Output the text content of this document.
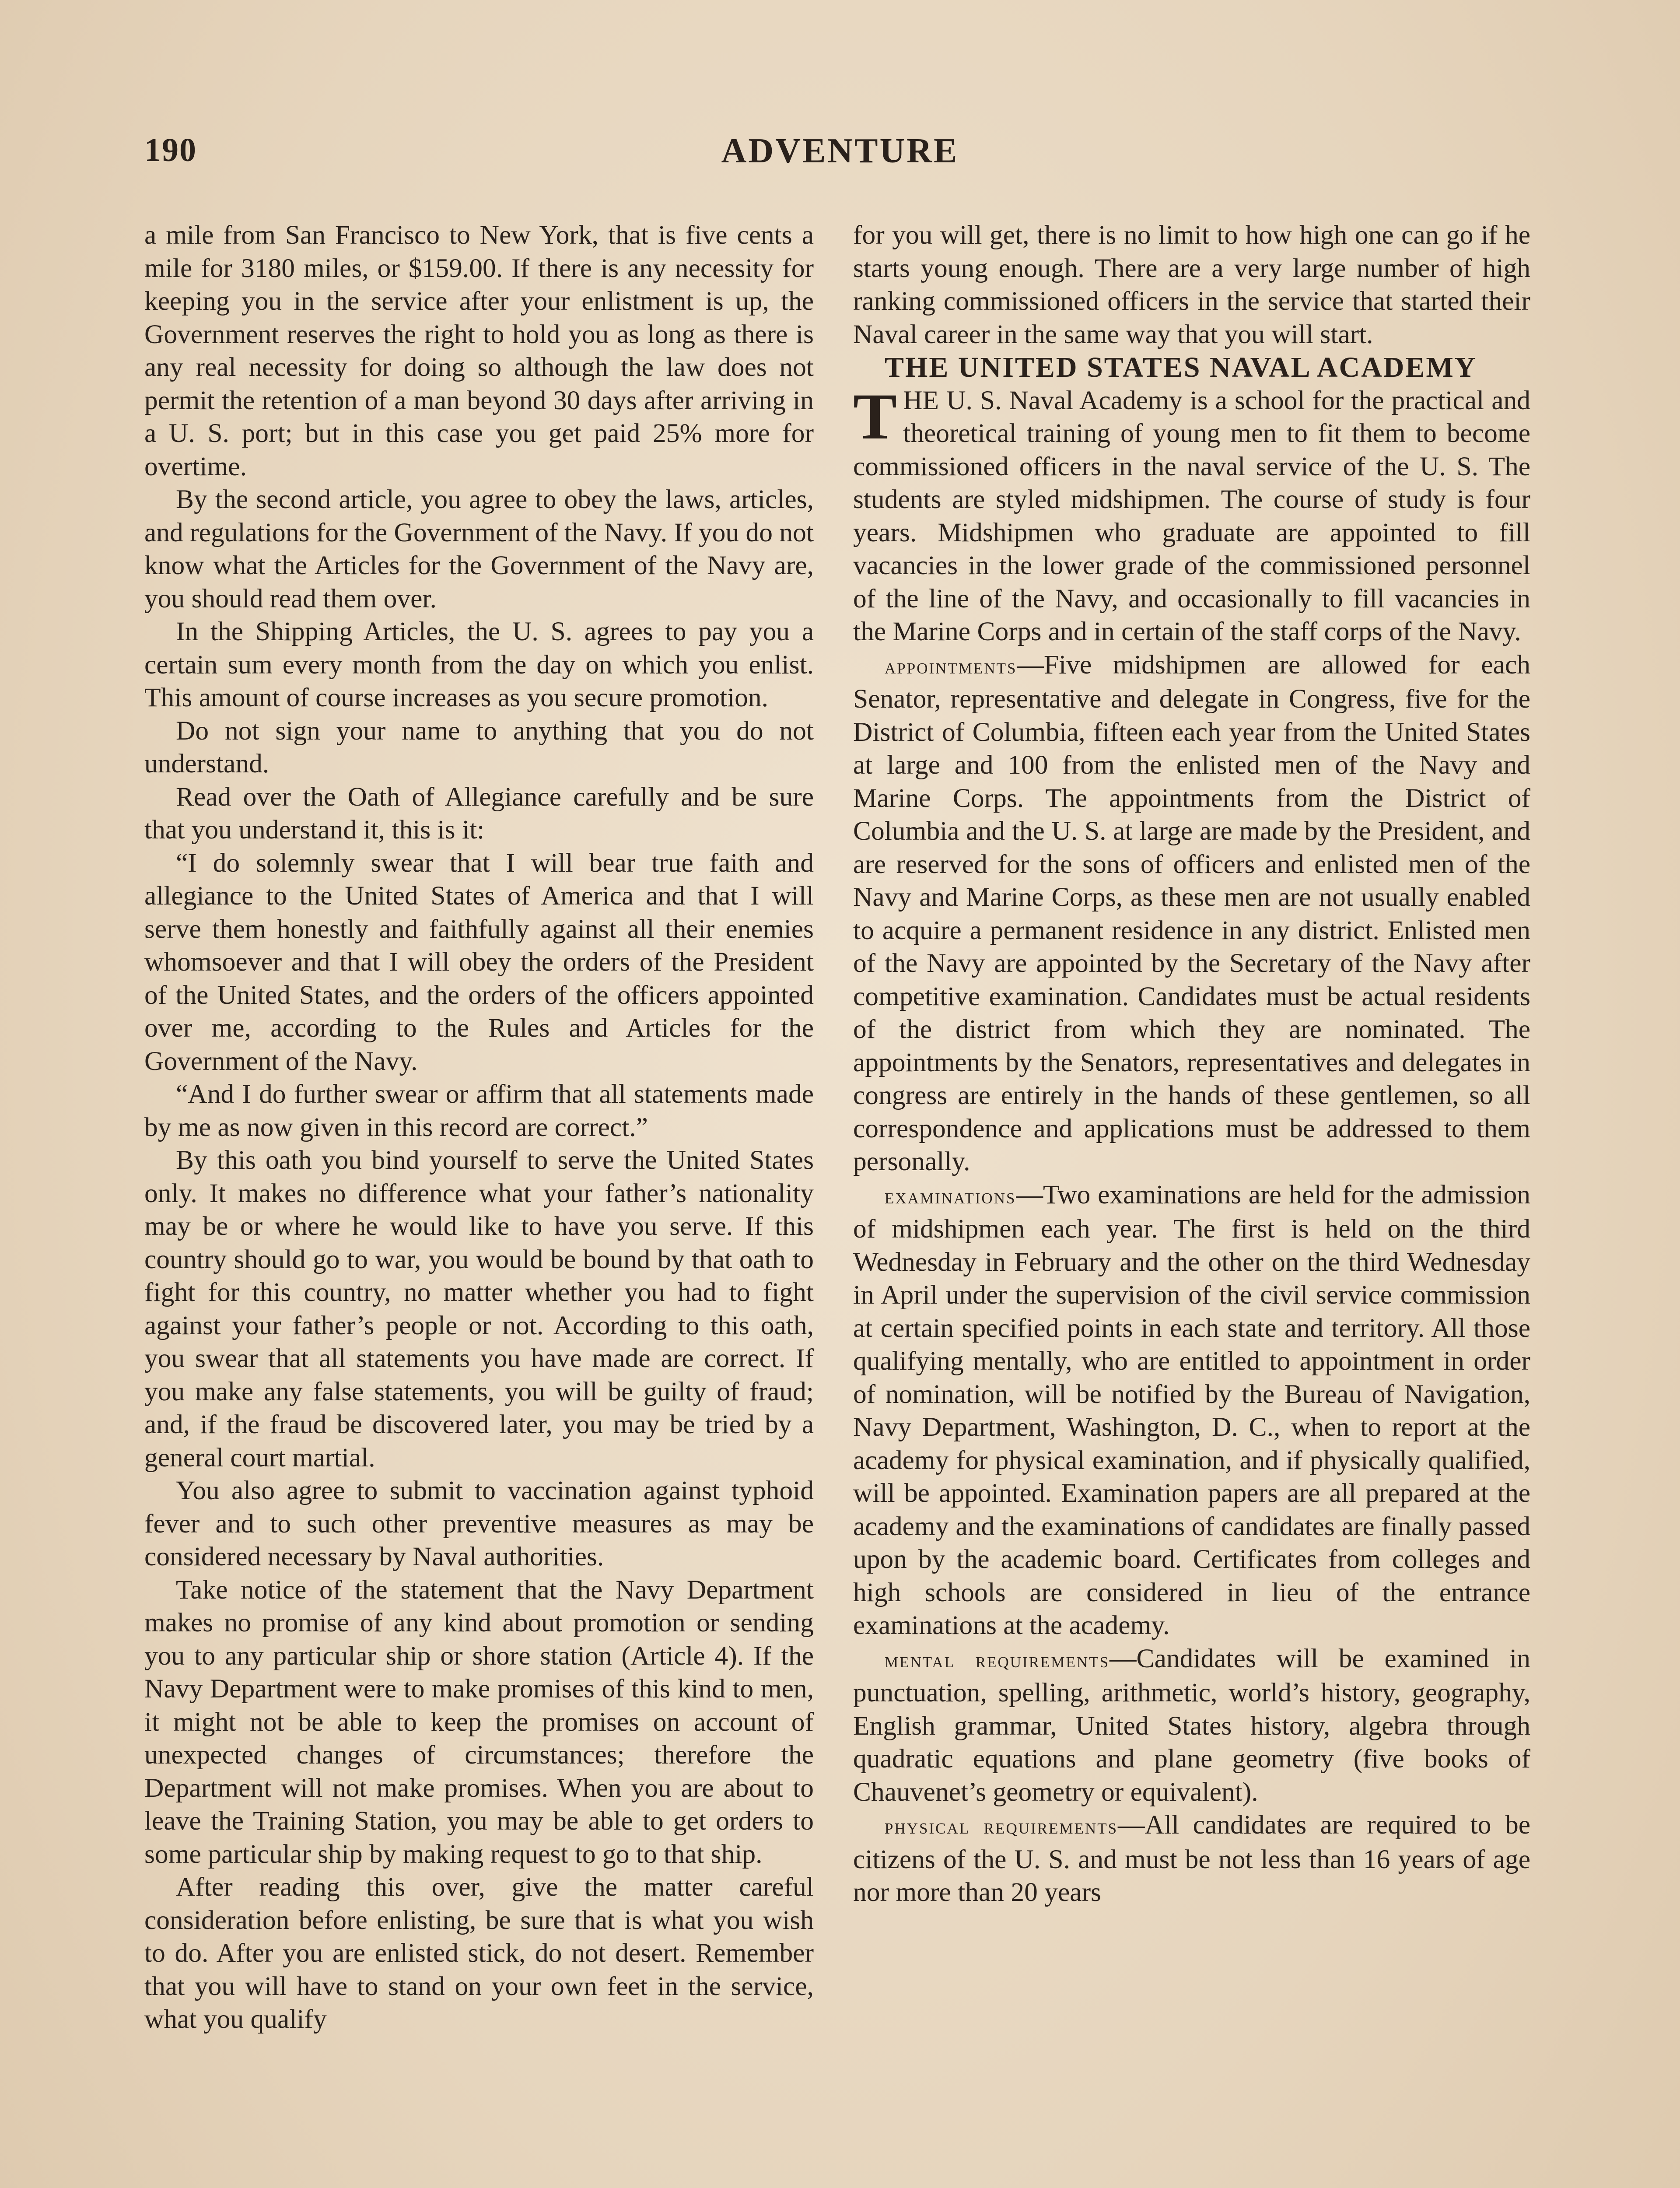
190	ADVENTURE

a mile from San Francisco to New York, that is five cents a mile for 3180 miles, or $159.00. If there is any necessity for keeping you in the service after your enlistment is up, the Government reserves the right to hold you as long as there is any real necessity for doing so although the law does not permit the retention of a man beyond 30 days after arriving in a U. S. port; but in this case you get paid 25% more for overtime.

By the second article, you agree to obey the laws, articles, and regulations for the Government of the Navy. If you do not know what the Articles for the Government of the Navy are, you should read them over.

In the Shipping Articles, the U. S. agrees to pay you a certain sum every month from the day on which you enlist. This amount of course increases as you secure promotion.

Do not sign your name to anything that you do not understand.

Read over the Oath of Allegiance carefully and be sure that you understand it, this is it:

“I do solemnly swear that I will bear true faith and allegiance to the United States of America and that I will serve them honestly and faithfully against all their enemies whomsoever and that I will obey the orders of the President of the United States, and the orders of the officers appointed over me, according to the Rules and Articles for the Government of the Navy.

“And I do further swear or affirm that all statements made by me as now given in this record are correct.”

By this oath you bind yourself to serve the United States only. It makes no difference what your father’s nationality may be or where he would like to have you serve. If this country should go to war, you would be bound by that oath to fight for this country, no matter whether you had to fight against your father’s people or not. According to this oath, you swear that all statements you have made are correct. If you make any false statements, you will be guilty of fraud; and, if the fraud be discovered later, you may be tried by a general court martial.

You also agree to submit to vaccination against typhoid fever and to such other preventive measures as may be considered necessary by Naval authorities.

Take notice of the statement that the Navy Department makes no promise of any kind about promotion or sending you to any particular ship or shore station (Article 4). If the Navy Department were to make promises of this kind to men, it might not be able to keep the promises on account of unexpected changes of circumstances; therefore the Department will not make promises. When you are about to leave the Training Station, you may be able to get orders to some particular ship by making request to go to that ship.

After reading this over, give the matter careful consideration before enlisting, be sure that is what you wish to do. After you are enlisted stick, do not desert. Remember that you will have to stand on your own feet in the service, what you qualify

for you will get, there is no limit to how high one can go if he starts young enough. There are a very large number of high ranking commissioned officers in the service that started their Naval career in the same way that you will start.

THE UNITED STATES NAVAL ACADEMY

THE U. S. Naval Academy is a school for the practical and theoretical training of young men to fit them to become commissioned officers in the naval service of the U. S. The students are styled midshipmen. The course of study is four years. Midshipmen who graduate are appointed to fill vacancies in the lower grade of the commissioned personnel of the line of the Navy, and occasionally to fill vacancies in the Marine Corps and in certain of the staff corps of the Navy.

appointments—Five midshipmen are allowed for each Senator, representative and delegate in Congress, five for the District of Columbia, fifteen each year from the United States at large and 100 from the enlisted men of the Navy and Marine Corps. The appointments from the District of Columbia and the U. S. at large are made by the President, and are reserved for the sons of officers and enlisted men of the Navy and Marine Corps, as these men are not usually enabled to acquire a permanent residence in any district. Enlisted men of the Navy are appointed by the Secretary of the Navy after competitive examination. Candidates must be actual residents of the district from which they are nominated. The appointments by the Senators, representatives and delegates in congress are entirely in the hands of these gentlemen, so all correspondence and applications must be addressed to them personally.

examinations—Two examinations are held for the admission of midshipmen each year. The first is held on the third Wednesday in February and the other on the third Wednesday in April under the supervision of the civil service commission at certain specified points in each state and territory. All those qualifying mentally, who are entitled to appointment in order of nomination, will be notified by the Bureau of Navigation, Navy Department, Washington, D. C., when to report at the academy for physical examination, and if physically qualified, will be appointed. Examination papers are all prepared at the academy and the examinations of candidates are finally passed upon by the academic board. Certificates from colleges and high schools are considered in lieu of the entrance examinations at the academy.

mental requirements—Candidates will be examined in punctuation, spelling, arithmetic, world’s history, geography, English grammar, United States history, algebra through quadratic equations and plane geometry (five books of Chauvenet’s geometry or equivalent).

physical requirements—All candidates are required to be citizens of the U. S. and must be not less than 16 years of age nor more than 20 years
